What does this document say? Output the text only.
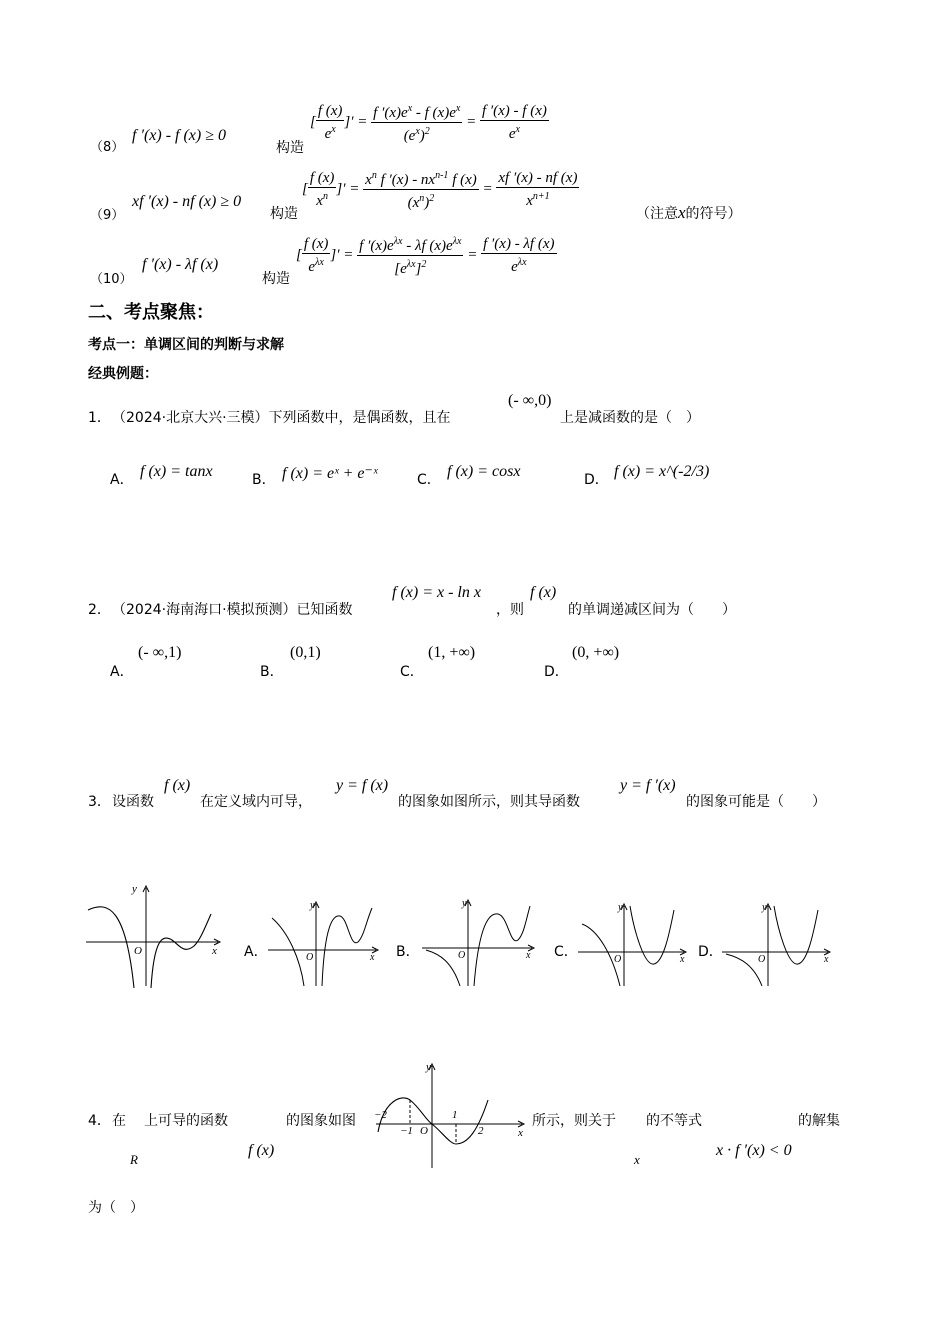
（8）
f ′(x) - f (x) ≥ 0
构造
[ $\frac{f (x)}{e^x}$ ]′ = $\frac{f '(x)e^x - f (x)e^x}{(e^x)^2} = \frac{f '(x) - f (x)}{e^x}$
（9）
xf ′(x) - nf (x) ≥ 0
构造
[ $\frac{f (x)}{x^n}$ ]′ = $\frac{x^n f '(x) - nx^{n-1} f (x)}{(x^n)^2} = \frac{xf '(x) - nf (x)}{x^{n+1}}$
（注意x的符号）
（10）
f ′(x) - λf (x)
构造
[ $\frac{f (x)}{e^{\lambda x}}$ ]′ = $\frac{f '(x)e^{\lambda x} - \lambda f (x)e^{\lambda x}}{[e^{\lambda x}]^2} = \frac{f '(x) - \lambda f (x)}{e^{\lambda x}}$
二、考点聚焦：
考点一：单调区间的判断与求解
经典例题：
1． （2024·北京大兴·三模）下列函数中，是偶函数，且在
(- ∞,0)
上是减函数的是（　）
A． f (x) = tanx	B． f (x) = eˣ + e⁻ˣ	C． f (x) = cosx	D． f (x) = x^(-2/3)
2． （2024·海南海口·模拟预测）已知函数
f (x) = x - ln x
，则
f (x)
的单调递减区间为（　　）
A．
(- ∞,1)
B．
(0,1)
C．
(1, +∞)
D．
(0, +∞)
3． 设函数
f (x)
在定义域内可导，
y = f (x)
的图象如图所示，则其导函数
y = f ′(x)
的图象可能是（　　）
y
x
O	A．
y
x
O	B．
y
x
O	C．
y
x
O	D．
y
x
O
4． 在
R
上可导的函数
f (x)
的图象如图
y
x
O
−2
−1
1
2
所示，则关于
x
的不等式
x · f ′(x) < 0
的解集
为（　）
